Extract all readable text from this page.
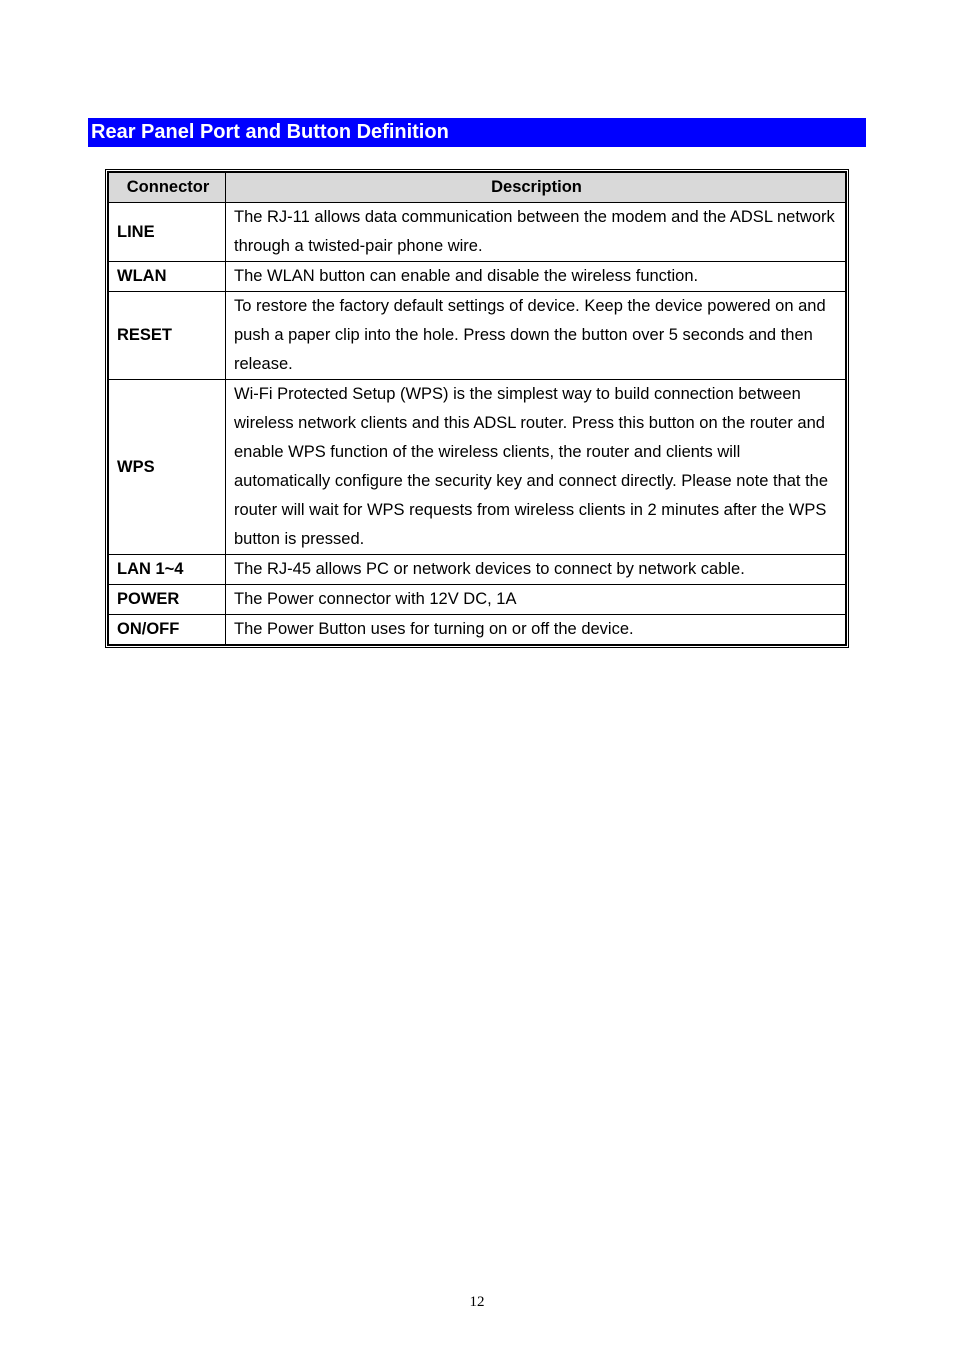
Rear Panel Port and Button Definition
Connector	Description
LINE	The RJ-11 allows data communication between the modem and the ADSL network through a twisted-pair phone wire.
WLAN	The WLAN button can enable and disable the wireless function.
RESET	To restore the factory default settings of device. Keep the device powered on and push a paper clip into the hole. Press down the button over 5 seconds and then release.
WPS	Wi-Fi Protected Setup (WPS) is the simplest way to build connection between wireless network clients and this ADSL router. Press this button on the router and enable WPS function of the wireless clients, the router and clients will automatically configure the security key and connect directly. Please note that the router will wait for WPS requests from wireless clients in 2 minutes after the WPS button is pressed.
LAN 1~4	The RJ-45 allows PC or network devices to connect by network cable.
POWER	The Power connector with 12V DC, 1A
ON/OFF	The Power Button uses for turning on or off the device.
12
